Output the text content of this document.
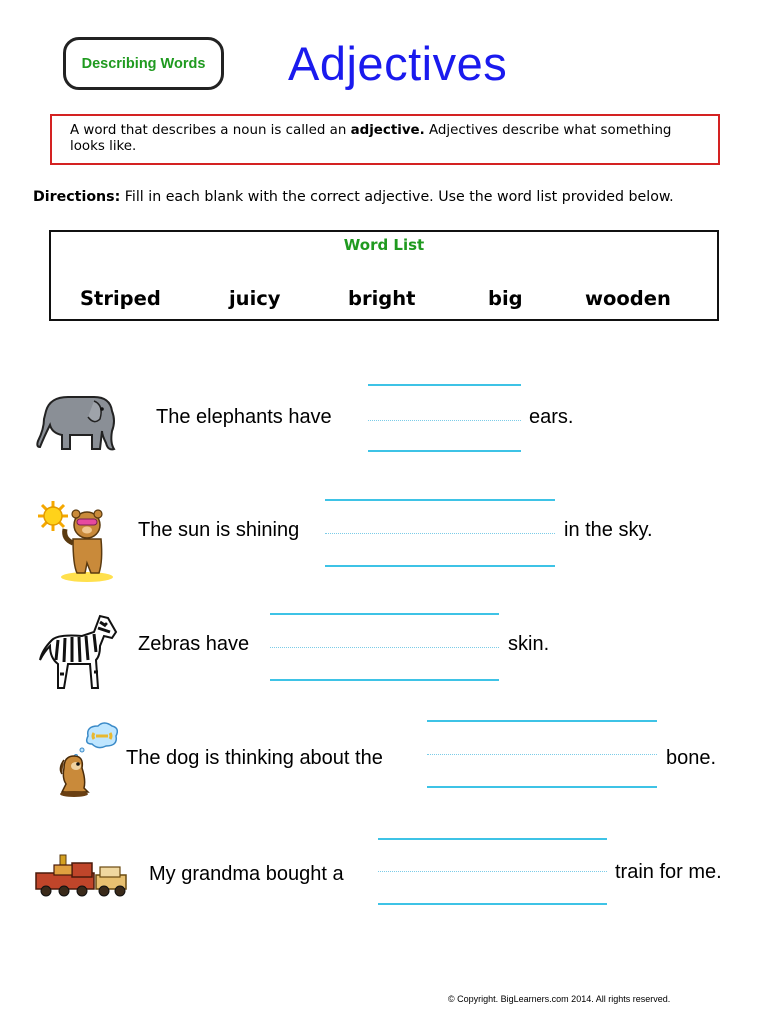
Describing Words Adjectives
A word that describes a noun is called an adjective. Adjectives describe what something looks like.
Directions: Fill in each blank with the correct adjective. Use the word list provided below.
Word List
Striped	juicy	bright	big	wooden
The elephants have	ears.
The sun is shining	in the sky.
Zebras have	skin.
The dog is thinking about the	bone.
My grandma bought a	train for me.
© Copyright. BigLearners.com 2014. All rights reserved.
